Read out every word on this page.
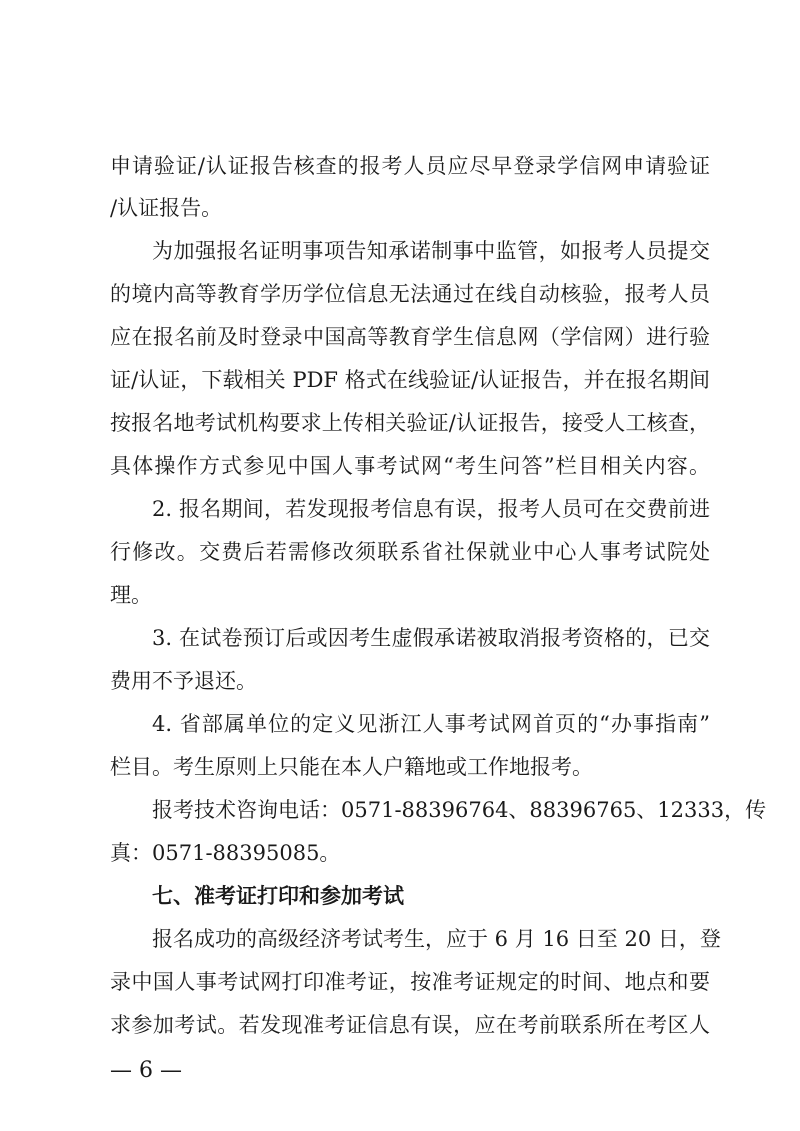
申请验证/认证报告核查的报考人员应尽早登录学信网申请验证
/认证报告。
为加强报名证明事项告知承诺制事中监管，如报考人员提交
的境内高等教育学历学位信息无法通过在线自动核验，报考人员
应在报名前及时登录中国高等教育学生信息网（学信网）进行验
证/认证，下载相关 PDF 格式在线验证/认证报告，并在报名期间
按报名地考试机构要求上传相关验证/认证报告，接受人工核查，
具体操作方式参见中国人事考试网“考生问答”栏目相关内容。
2. 报名期间，若发现报考信息有误，报考人员可在交费前进
行修改。交费后若需修改须联系省社保就业中心人事考试院处
理。
3. 在试卷预订后或因考生虚假承诺被取消报考资格的，已交
费用不予退还。
4. 省部属单位的定义见浙江人事考试网首页的“办事指南”
栏目。考生原则上只能在本人户籍地或工作地报考。
报考技术咨询电话：0571-88396764、88396765、12333，传
真：0571-88395085。
七、准考证打印和参加考试
报名成功的高级经济考试考生，应于 6 月 16 日至 20 日，登
录中国人事考试网打印准考证，按准考证规定的时间、地点和要
求参加考试。若发现准考证信息有误，应在考前联系所在考区人
— 6 —
